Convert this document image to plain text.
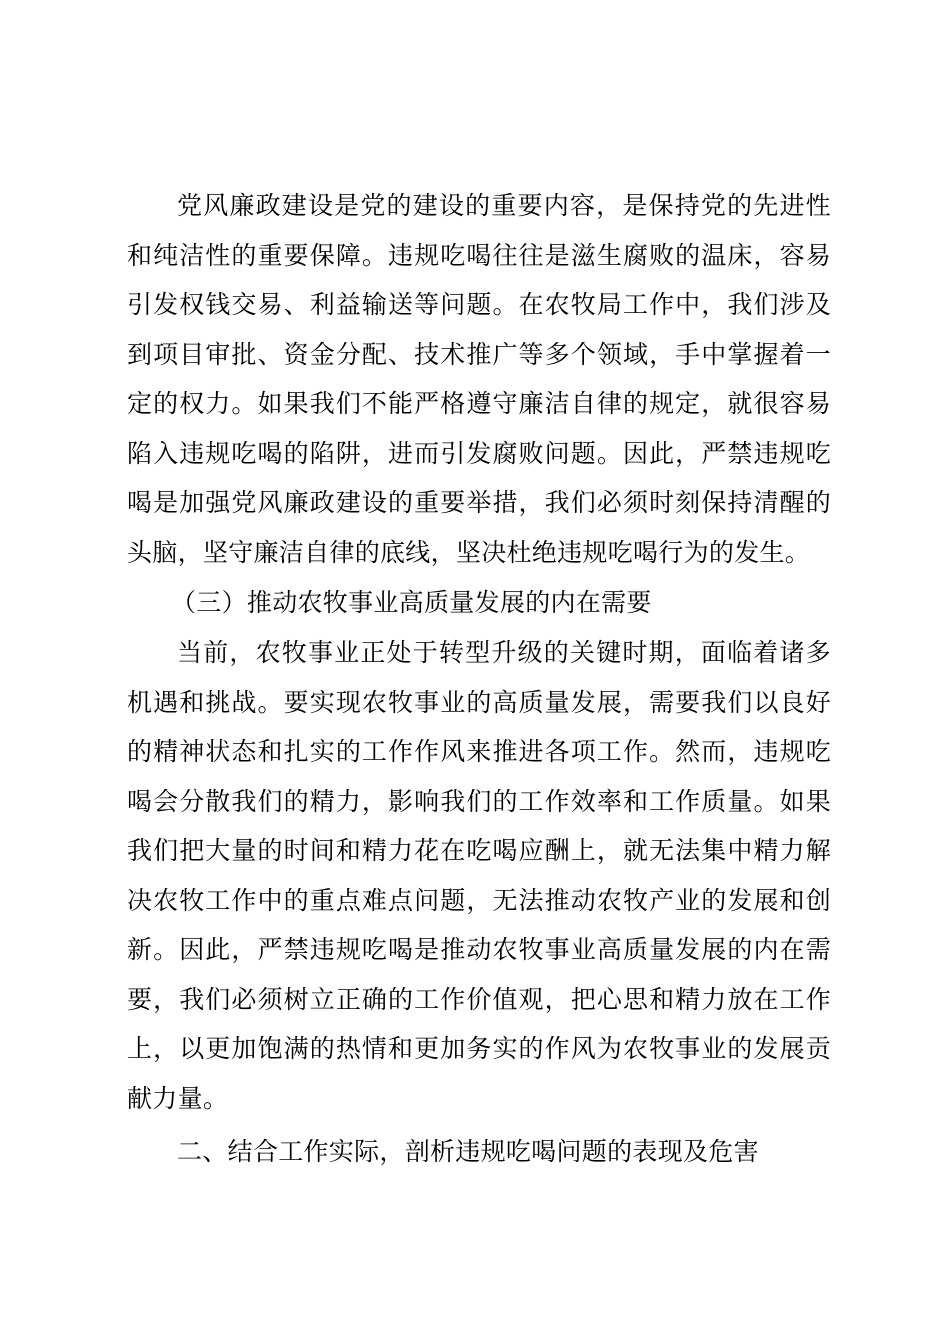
党风廉政建设是党的建设的重要内容，是保持党的先进性
和纯洁性的重要保障。违规吃喝往往是滋生腐败的温床，容易
引发权钱交易、利益输送等问题。在农牧局工作中，我们涉及
到项目审批、资金分配、技术推广等多个领域，手中掌握着一
定的权力。如果我们不能严格遵守廉洁自律的规定，就很容易
陷入违规吃喝的陷阱，进而引发腐败问题。因此，严禁违规吃
喝是加强党风廉政建设的重要举措，我们必须时刻保持清醒的
头脑，坚守廉洁自律的底线，坚决杜绝违规吃喝行为的发生。
（三）推动农牧事业高质量发展的内在需要
当前，农牧事业正处于转型升级的关键时期，面临着诸多
机遇和挑战。要实现农牧事业的高质量发展，需要我们以良好
的精神状态和扎实的工作作风来推进各项工作。然而，违规吃
喝会分散我们的精力，影响我们的工作效率和工作质量。如果
我们把大量的时间和精力花在吃喝应酬上，就无法集中精力解
决农牧工作中的重点难点问题，无法推动农牧产业的发展和创
新。因此，严禁违规吃喝是推动农牧事业高质量发展的内在需
要，我们必须树立正确的工作价值观，把心思和精力放在工作
上，以更加饱满的热情和更加务实的作风为农牧事业的发展贡
献力量。
二、结合工作实际，剖析违规吃喝问题的表现及危害
